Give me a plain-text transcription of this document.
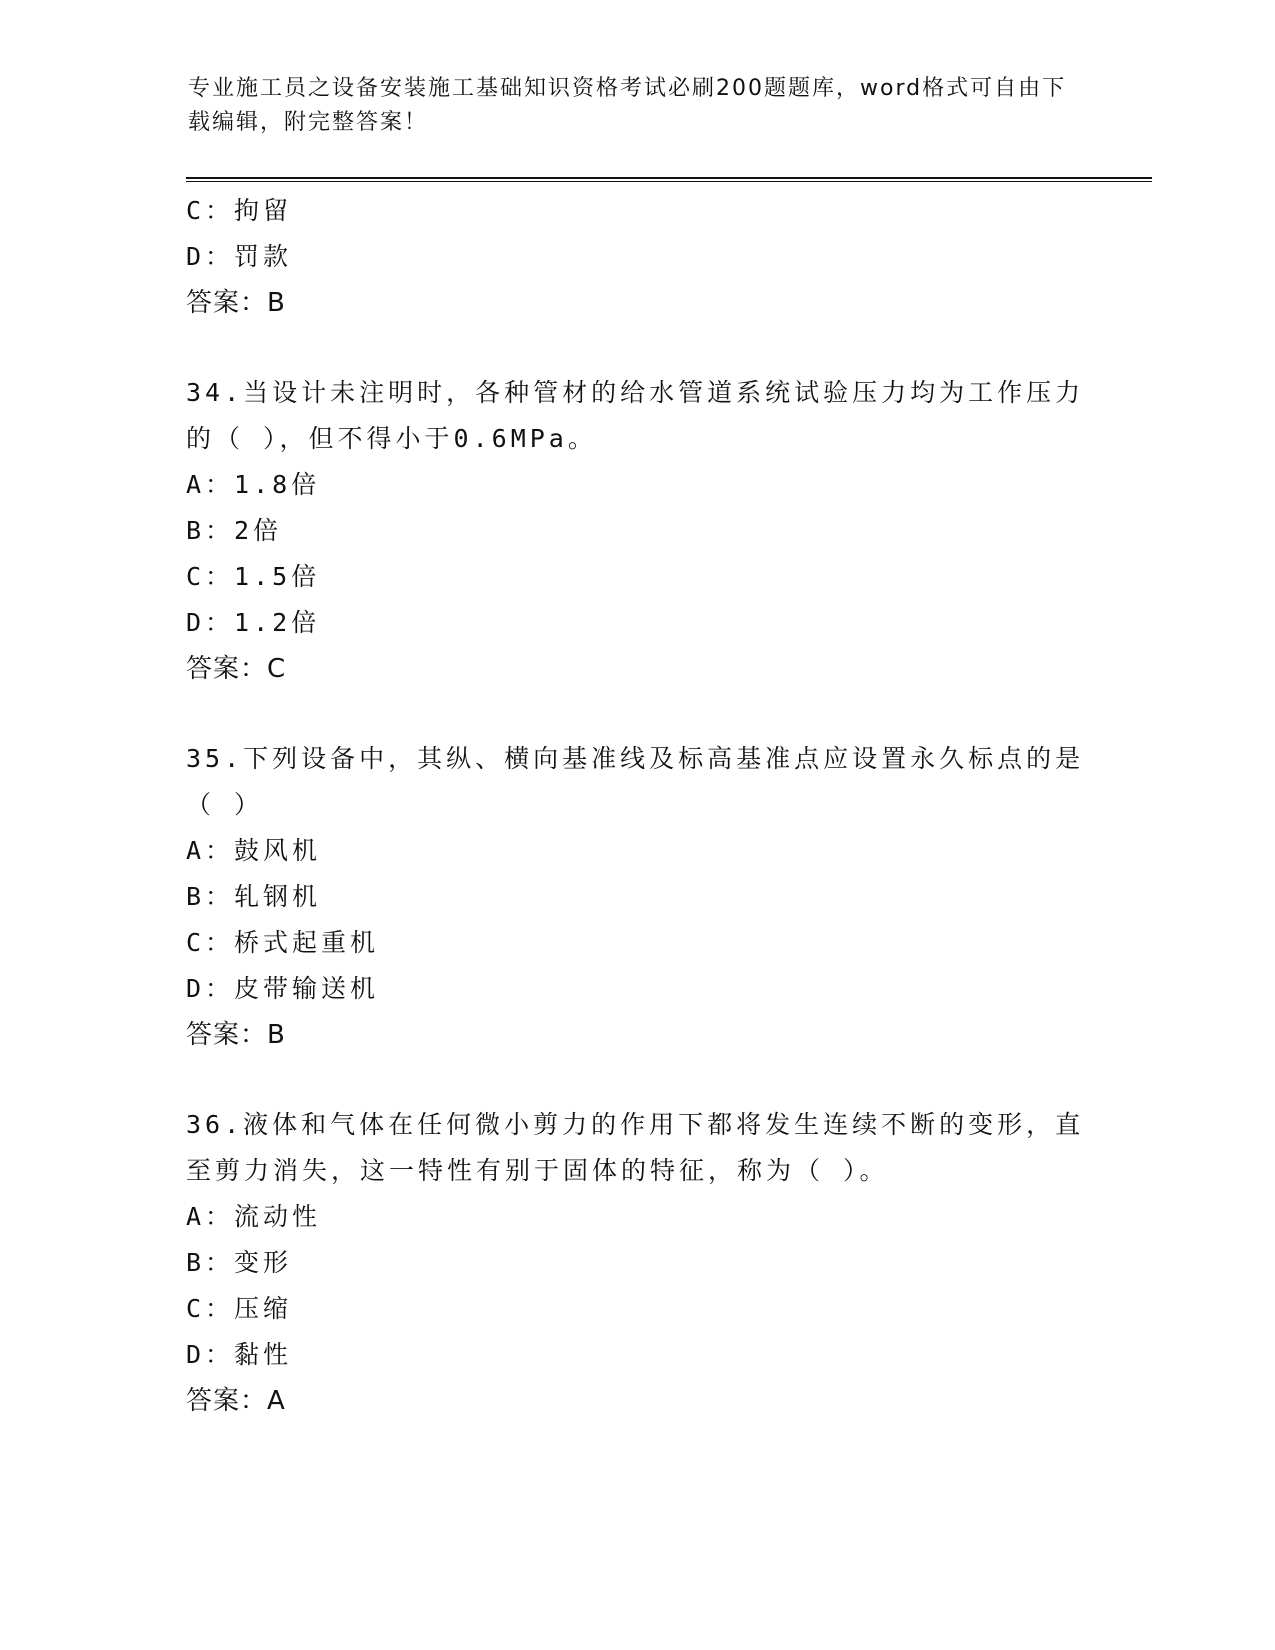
专业施工员之设备安装施工基础知识资格考试必刷200题题库，word格式可自由下载编辑，附完整答案！
C：拘留
D：罚款
答案：B
34.当设计未注明时，各种管材的给水管道系统试验压力均为工作压力的（ ），但不得小于0.6MPa。
A：1.8倍
B：2倍
C：1.5倍
D：1.2倍
答案：C
35.下列设备中，其纵、横向基准线及标高基准点应设置永久标点的是（ ）
A：鼓风机
B：轧钢机
C：桥式起重机
D：皮带输送机
答案：B
36.液体和气体在任何微小剪力的作用下都将发生连续不断的变形，直至剪力消失，这一特性有别于固体的特征，称为（ ）。
A：流动性
B：变形
C：压缩
D：黏性
答案：A
